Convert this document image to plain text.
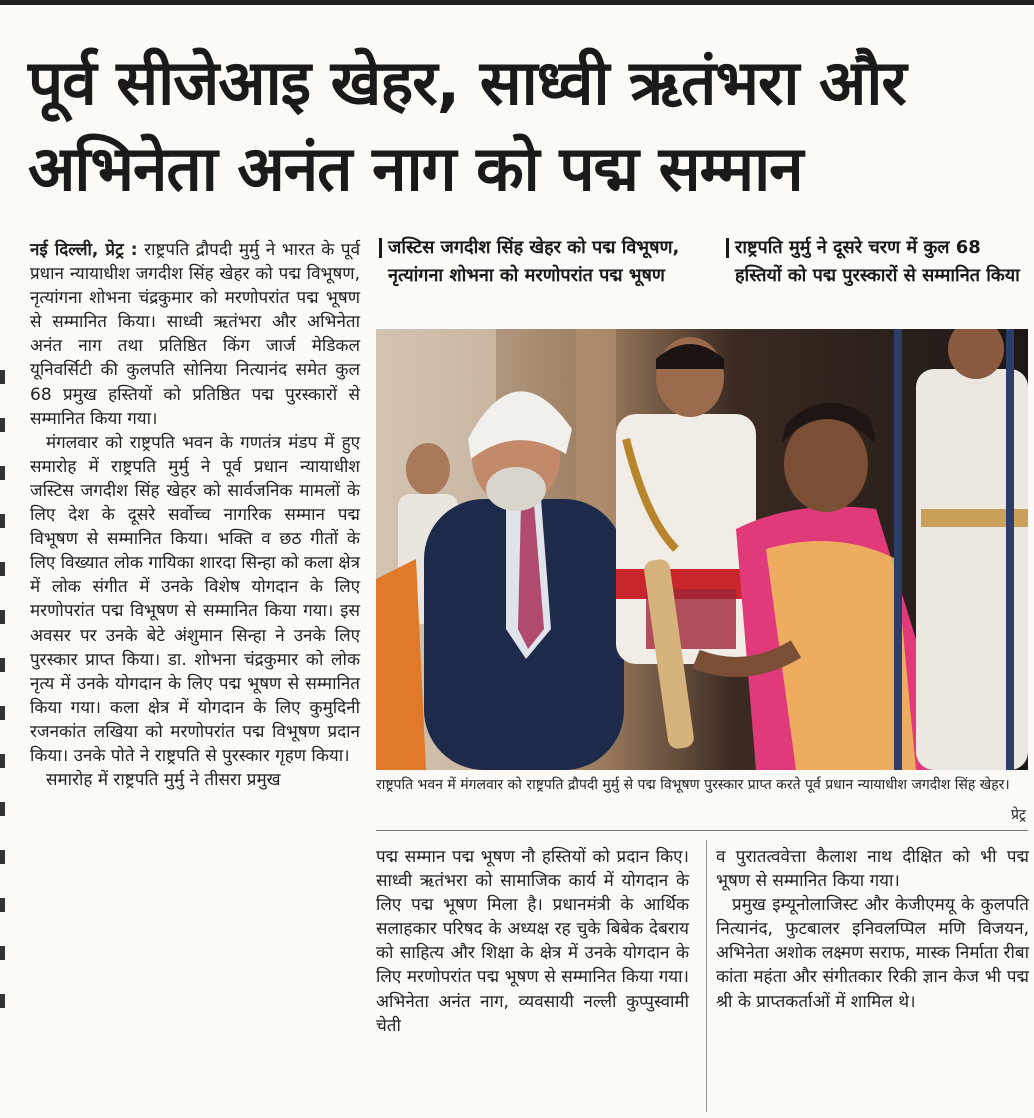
पूर्व सीजेआइ खेहर, साध्वी ऋतंभरा और अभिनेता अनंत नाग को पद्म सम्मान

नई दिल्ली, प्रेट्र : राष्ट्रपति द्रौपदी मुर्मु ने भारत के पूर्व प्रधान न्यायाधीश जगदीश सिंह खेहर को पद्म विभूषण, नृत्यांगना शोभना चंद्रकुमार को मरणोपरांत पद्म भूषण से सम्मानित किया। साध्वी ऋतंभरा और अभिनेता अनंत नाग तथा प्रतिष्ठित किंग जार्ज मेडिकल यूनिवर्सिटी की कुलपति सोनिया नित्यानंद समेत कुल 68 प्रमुख हस्तियों को प्रतिष्ठित पद्म पुरस्कारों से सम्मानित किया गया।

मंगलवार को राष्ट्रपति भवन के गणतंत्र मंडप में हुए समारोह में राष्ट्रपति मुर्मु ने पूर्व प्रधान न्यायाधीश जस्टिस जगदीश सिंह खेहर को सार्वजनिक मामलों के लिए देश के दूसरे सर्वोच्च नागरिक सम्मान पद्म विभूषण से सम्मानित किया। भक्ति व छठ गीतों के लिए विख्यात लोक गायिका शारदा सिन्हा को कला क्षेत्र में लोक संगीत में उनके विशेष योगदान के लिए मरणोपरांत पद्म विभूषण से सम्मानित किया गया। इस अवसर पर उनके बेटे अंशुमान सिन्हा ने उनके लिए पुरस्कार प्राप्त किया। डा. शोभना चंद्रकुमार को लोक नृत्य में उनके योगदान के लिए पद्म भूषण से सम्मानित किया गया। कला क्षेत्र में योगदान के लिए कुमुदिनी रजनकांत लखिया को मरणोपरांत पद्म विभूषण प्रदान किया। उनके पोते ने राष्ट्रपति से पुरस्कार गृहण किया।

समारोह में राष्ट्रपति मुर्मु ने तीसरा प्रमुख

जस्टिस जगदीश सिंह खेहर को पद्म विभूषण, नृत्यांगना शोभना को मरणोपरांत पद्म भूषण
राष्ट्रपति मुर्मु ने दूसरे चरण में कुल 68 हस्तियों को पद्म पुरस्कारों से सम्मानित किया
राष्ट्रपति भवन में मंगलवार को राष्ट्रपति द्रौपदी मुर्मु से पद्म विभूषण पुरस्कार प्राप्त करते पूर्व प्रधान न्यायाधीश जगदीश सिंह खेहर।
प्रेट्र

पद्म सम्मान पद्म भूषण नौ हस्तियों को प्रदान किए। साध्वी ऋतंभरा को सामाजिक कार्य में योगदान के लिए पद्म भूषण मिला है। प्रधानमंत्री के आर्थिक सलाहकार परिषद के अध्यक्ष रह चुके बिबेक देबराय को साहित्य और शिक्षा के क्षेत्र में उनके योगदान के लिए मरणोपरांत पद्म भूषण से सम्मानित किया गया। अभिनेता अनंत नाग, व्यवसायी नल्ली कुप्पुस्वामी चेती

व पुरातत्ववेत्ता कैलाश नाथ दीक्षित को भी पद्म भूषण से सम्मानित किया गया।

प्रमुख इम्यूनोलाजिस्ट और केजीएमयू के कुलपति नित्यानंद, फुटबालर इनिवलप्पिल मणि विजयन, अभिनेता अशोक लक्ष्मण सराफ, मास्क निर्माता रीबा कांता महंता और संगीतकार रिकी ज्ञान केज भी पद्म श्री के प्राप्तकर्ताओं में शामिल थे।
